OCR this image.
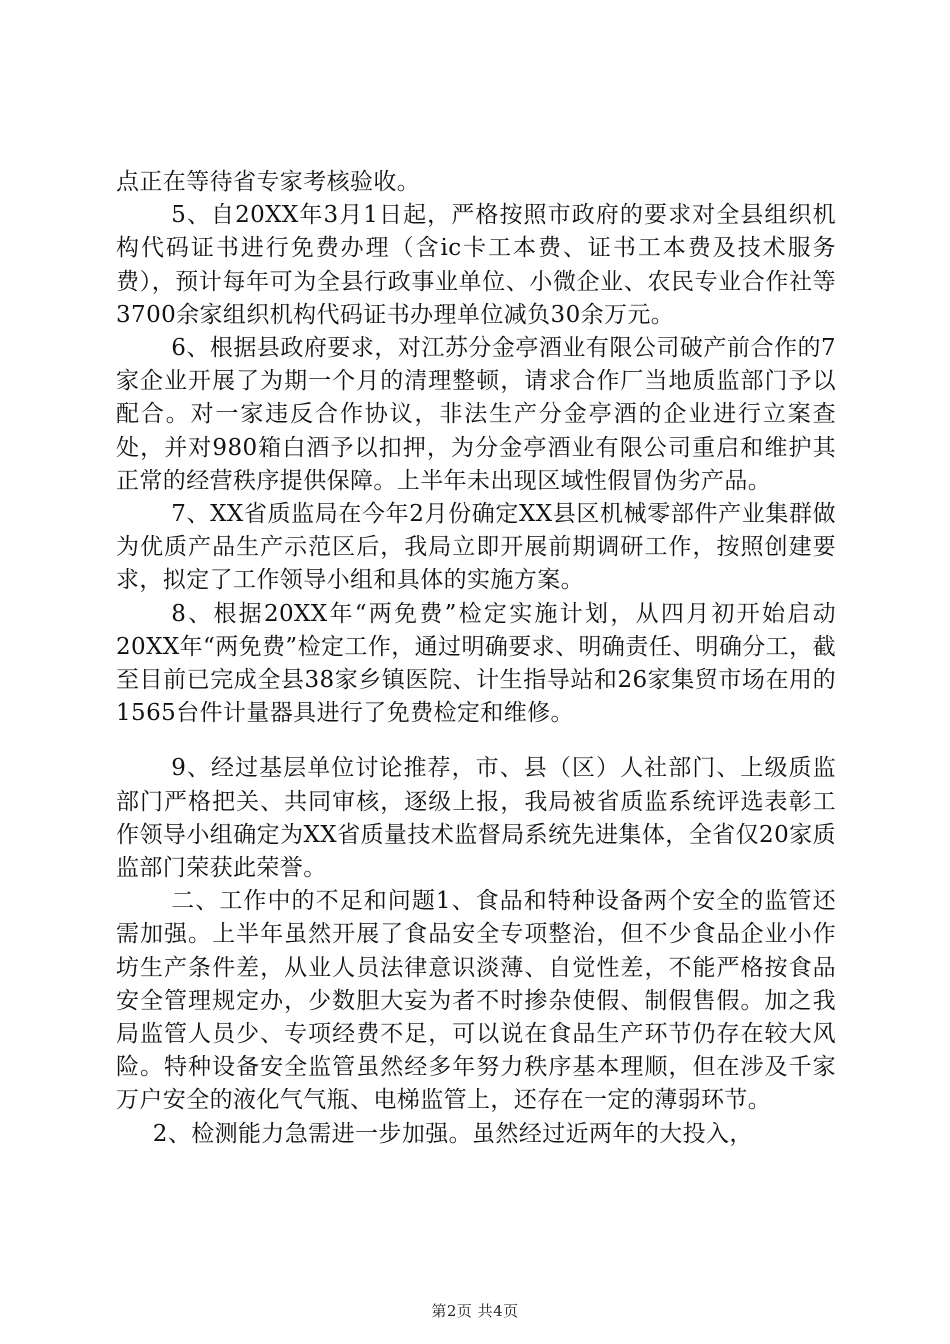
点正在等待省专家考核验收。

5、自20XX年3月1日起，严格按照市政府的要求对全县组织机构代码证书进行免费办理（含ic卡工本费、证书工本费及技术服务费），预计每年可为全县行政事业单位、小微企业、农民专业合作社等3700余家组织机构代码证书办理单位减负30余万元。

6、根据县政府要求，对江苏分金亭酒业有限公司破产前合作的7家企业开展了为期一个月的清理整顿，请求合作厂当地质监部门予以配合。对一家违反合作协议，非法生产分金亭酒的企业进行立案查处，并对980箱白酒予以扣押，为分金亭酒业有限公司重启和维护其正常的经营秩序提供保障。上半年未出现区域性假冒伪劣产品。

7、XX省质监局在今年2月份确定XX县区机械零部件产业集群做为优质产品生产示范区后，我局立即开展前期调研工作，按照创建要求，拟定了工作领导小组和具体的实施方案。

8、根据20XX年“两免费”检定实施计划，从四月初开始启动20XX年“两免费”检定工作，通过明确要求、明确责任、明确分工，截至目前已完成全县38家乡镇医院、计生指导站和26家集贸市场在用的1565台件计量器具进行了免费检定和维修。

9、经过基层单位讨论推荐，市、县（区）人社部门、上级质监部门严格把关、共同审核，逐级上报，我局被省质监系统评选表彰工作领导小组确定为XX省质量技术监督局系统先进集体，全省仅20家质监部门荣获此荣誉。

二、工作中的不足和问题1、食品和特种设备两个安全的监管还需加强。上半年虽然开展了食品安全专项整治，但不少食品企业小作坊生产条件差，从业人员法律意识淡薄、自觉性差，不能严格按食品安全管理规定办，少数胆大妄为者不时掺杂使假、制假售假。加之我局监管人员少、专项经费不足，可以说在食品生产环节仍存在较大风险。特种设备安全监管虽然经多年努力秩序基本理顺，但在涉及千家万户安全的液化气气瓶、电梯监管上，还存在一定的薄弱环节。

2、检测能力急需进一步加强。虽然经过近两年的大投入，

第2页 共4页
